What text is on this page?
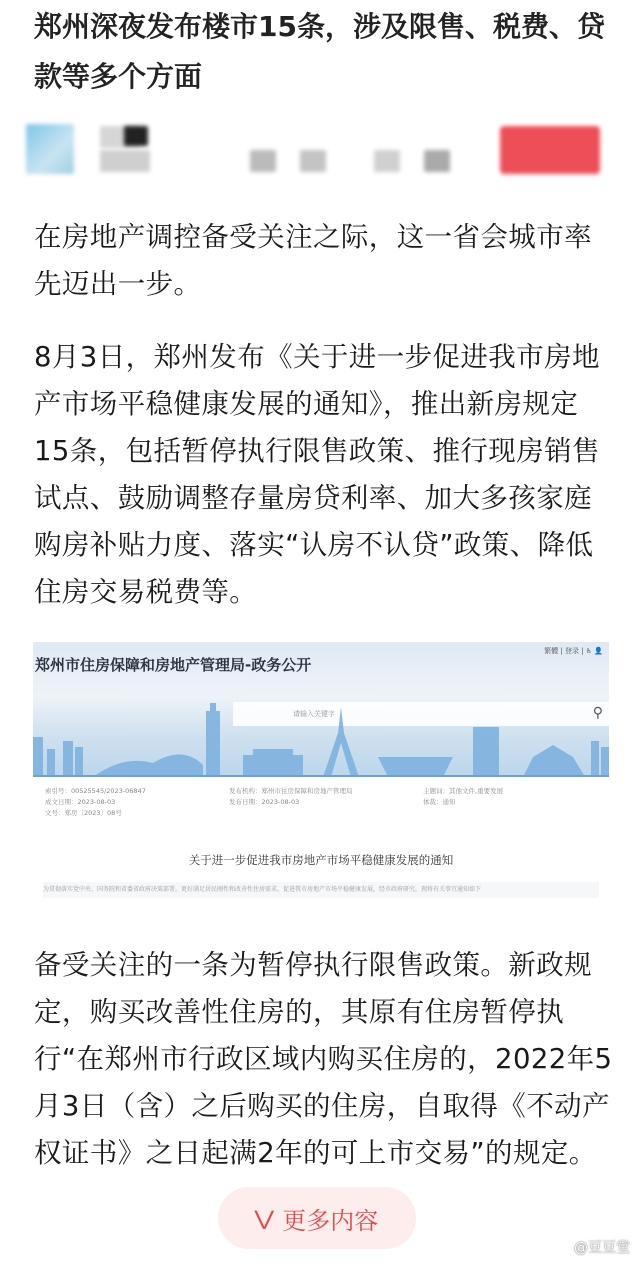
郑州深夜发布楼市15条，涉及限售、税费、贷款等多个方面
在房地产调控备受关注之际，这一省会城市率先迈出一步。
8月3日，郑州发布《关于进一步促进我市房地产市场平稳健康发展的通知》，推出新房规定15条，包括暂停执行限售政策、推行现房销售试点、鼓励调整存量房贷利率、加大多孩家庭购房补贴力度、落实“认房不认贷”政策、降低住房交易税费等。
郑州市住房保障和房地产管理局-政务公开
繁體 | 登录 | ♿ 👤
请输入关键字	⚲
索引号：00525545/2023-06847
成文日期：2023-08-03
文号：郑房〔2023〕08号
发布机构：郑州市住房保障和房地产管理局
发布日期：2023-08-03
主题词：其他文件,重要发展
体裁：通知
关于进一步促进我市房地产市场平稳健康发展的通知
为贯彻落实党中央、国务院和省委省政府决策部署，更好满足居民刚性和改善性住房需求，促进我市房地产市场平稳健康发展，经市政府研究，现将有关事宜通知如下
备受关注的一条为暂停执行限售政策。新政规定，购买改善性住房的，其原有住房暂停执行“在郑州市行政区域内购买住房的，2022年5月3日（含）之后购买的住房，自取得《不动产权证书》之日起满2年的可上市交易”的规定。
⋁ 更多内容
@豆豆堂
